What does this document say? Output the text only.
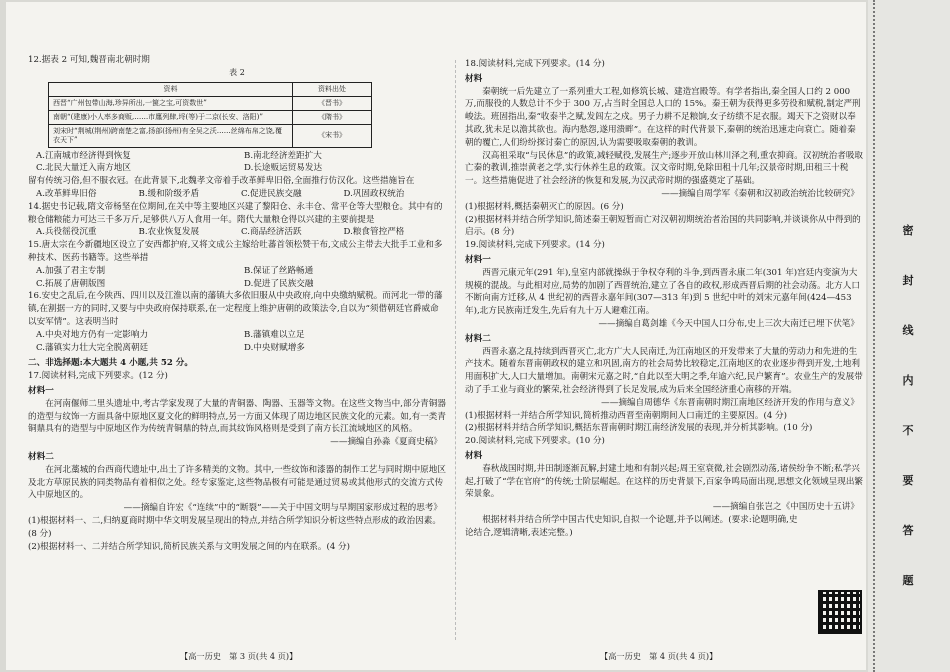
12.据表 2 可知,魏晋南北朝时期

表 2

资料	资料出处
西晋“广州包带山海,珍异所出,一箧之宝,可资数世”	《晋书》
南朝“(建康)小人率多商贩,……市廛列肆,埒(等)于二京(长安、洛阳)”	《隋书》
刘宋时“荆城(荆州)跨南楚之富,扬部(扬州)有全吴之沃……丝绵布帛之饶,覆衣天下”	《宋书》
A.江南城市经济得到恢复	B.南北经济差距扩大
C.北民大量迁入南方地区	D.长途贩运贸易发达

留有传统习俗,但不服衣冠。在此背景下,北魏孝文帝着手改革鲜卑旧俗,全面推行仿汉化。这些措施旨在

A.改革鲜卑旧俗	B.缓和阶级矛盾	C.促进民族交融	D.巩固政权统治

14.据史书记载,隋文帝杨坚在位期间,在关中等主要地区兴建了黎阳仓、永丰仓、常平仓等大型粮仓。其中有的粮仓储粮能力可达三千多万斤,足够供八万人食用一年。隋代大量粮仓得以兴建的主要前提是

A.兵役徭役沉重	B.农业恢复发展	C.商品经济活跃	D.粮食管控严格

15.唐太宗在今新疆地区设立了安西都护府,又将文成公主嫁给吐蕃首领松赞干布,文成公主带去大批手工业和多种技术、医药书籍等。这些举措

A.加强了君主专制	B.保证了丝路畅通
C.拓展了唐朝版图	D.促进了民族交融

16.安史之乱后,在今陕西、四川以及江淮以南的藩镇大多依旧服从中央政府,向中央缴纳赋税。而河北一带的藩镇,在割据一方的同时,又要与中央政府保持联系,在一定程度上维护唐朝的政策法令,自以为“须借朝廷官爵威命以安军情”。这表明当时

A.中央对地方仍有一定影响力	B.藩镇难以立足
C.藩镇实力壮大完全脱离朝廷	D.中央财赋增多

二、非选择题:本大题共 4 小题,共 52 分。

17.阅读材料,完成下列要求。(12 分)

材料一

在河南偃师二里头遗址中,考古学家发现了大量的青铜器、陶器、玉器等文物。在这些文物当中,部分青铜器的造型与纹饰一方面具备中原地区夏文化的鲜明特点,另一方面又体现了周边地区民族文化的元素。如,有一类青铜鼎具有的造型与中原地区作为传统青铜鼎的特点,而其纹饰风格则是受到了南方长江流域地区的风格。

——摘编自孙淼《夏商史稿》

材料二

在河北藁城的台西商代遗址中,出土了许多精美的文物。其中,一些纹饰和漆器的制作工艺与同时期中原地区及北方草原民族的同类物品有着相似之处。经专家鉴定,这些物品极有可能是通过贸易或其他形式的交流方式传入中原地区的。

——摘编自许宏《“连续”中的“断裂”——关于中国文明与早期国家形成过程的思考》

(1)根据材料一、二,归纳夏商时期中华文明发展呈现出的特点,并结合所学知识分析这些特点形成的政治因素。(8 分)

(2)根据材料一、二并结合所学知识,简析民族关系与文明发展之间的内在联系。(4 分)

【高一历史　第 3 页(共 4 页)】

18.阅读材料,完成下列要求。(14 分)

材料

秦朝统一后先建立了一系列重大工程,如修筑长城、建造宫殿等。有学者指出,秦全国人口约 2 000 万,而服役的人数总计不少于 300 万,占当时全国总人口的 15%。秦王朝为获得更多劳役和赋税,制定严刑峻法。班固指出,秦“收泰半之赋,发闾左之戍。男子力耕不足粮饷,女子纺绩不足衣服。竭天下之资财以奉其政,犹未足以澹其欲也。海内愁怨,遂用溃畔”。在这样的时代背景下,秦朝的统治迅速走向衰亡。随着秦朝的覆亡,人们纷纷探讨秦亡的原因,认为需要吸取秦朝的教训。

汉高祖采取“与民休息”的政策,减轻赋役,发展生产;逐步开放山林川泽之利,重农抑商。汉初统治者吸取亡秦的教训,推崇黄老之学,实行休养生息的政策。汉文帝时期,免除田租十几年;汉景帝时期,田租三十税一。这些措施促进了社会经济的恢复和发展,为汉武帝时期的强盛奠定了基础。

——摘编自周学军《秦朝和汉初政治统治比较研究》

(1)根据材料,概括秦朝灭亡的原因。(6 分)

(2)根据材料并结合所学知识,简述秦王朝短暂而亡对汉朝初期统治者治国的共同影响,并谈谈你从中得到的启示。(8 分)

19.阅读材料,完成下列要求。(14 分)

材料一

西晋元康元年(291 年),皇室内部就操纵于争权夺利的斗争,到西晋永康二年(301 年)宫廷内变演为大规模的混战。与此相对应,局势的加剧了西晋统治,建立了各自的政权,形成西晋后期的社会动荡。北方人口不断向南方迁移,从 4 世纪初的西晋永嘉年间(307—313 年)到 5 世纪中叶的刘宋元嘉年间(424—453 年),北方民族南迁发生,先后有九十万人避难江南。

——摘编自葛剑雄《今天中国人口分布,史上三次大南迁已埋下伏笔》

材料二

西晋永嘉之乱持续到西晋灭亡,北方广大人民南迁,为江南地区的开发带来了大量的劳动力和先进的生产技术。随着东晋南朝政权的建立和巩固,南方的社会局势比较稳定,江南地区的农业逐步得到开发,土地利用面积扩大,人口大量增加。南朝宋元嘉之时,“自此以至大明之季,年逾六纪,民户繁育”。农业生产的发展带动了手工业与商业的繁荣,社会经济得到了长足发展,成为后来全国经济重心南移的开端。

——摘编自周德华《东晋南朝时期江南地区经济开发的作用与意义》

(1)根据材料一并结合所学知识,简析推动西晋至南朝期间人口南迁的主要原因。(4 分)

(2)根据材料并结合所学知识,概括东晋南朝时期江南经济发展的表现,并分析其影响。(10 分)

20.阅读材料,完成下列要求。(10 分)

材料

春秋战国时期,井田制逐渐瓦解,封建土地和有制兴起;周王室衰微,社会剧烈动荡,诸侯纷争不断;私学兴起,打破了“学在官府”的传统;士阶层崛起。在这样的历史背景下,百家争鸣局面出现,思想文化领域呈现出繁荣景象。

——摘编自张岂之《中国历史十五讲》

根据材料并结合所学中国古代史知识,自拟一个论题,并予以阐述。(要求:论题明确,史论结合,逻辑清晰,表述完整。)

【高一历史　第 4 页(共 4 页)】
密
封
线
内
不
要
答
题
